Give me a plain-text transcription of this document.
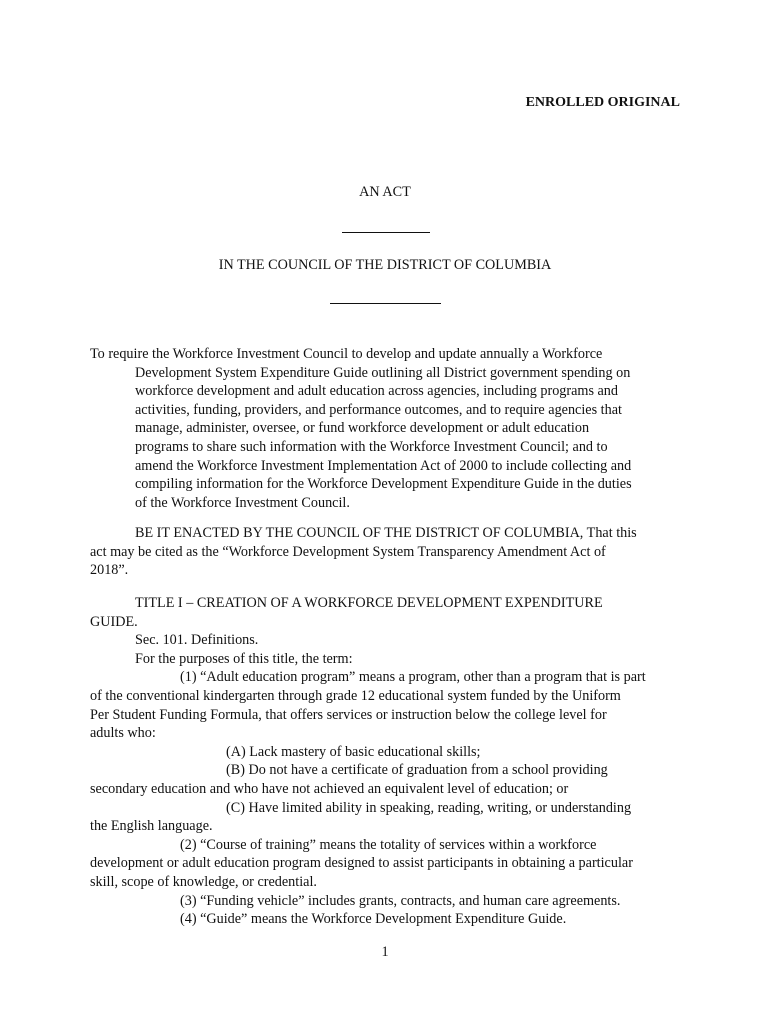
ENROLLED ORIGINAL
AN ACT
IN THE COUNCIL OF THE DISTRICT OF COLUMBIA
To require the Workforce Investment Council to develop and update annually a Workforce
Development System Expenditure Guide outlining all District government spending on
workforce development and adult education across agencies, including programs and
activities, funding, providers, and performance outcomes, and to require agencies that
manage, administer, oversee, or fund workforce development or adult education
programs to share such information with the Workforce Investment Council; and to
amend the Workforce Investment Implementation Act of 2000 to include collecting and
compiling information for the Workforce Development Expenditure Guide in the duties
of the Workforce Investment Council.
BE IT ENACTED BY THE COUNCIL OF THE DISTRICT OF COLUMBIA, That this
act may be cited as the “Workforce Development System Transparency Amendment Act of
2018”.
TITLE I – CREATION OF A WORKFORCE DEVELOPMENT EXPENDITURE
GUIDE.
Sec. 101. Definitions.
For the purposes of this title, the term:
(1) “Adult education program” means a program, other than a program that is part
of the conventional kindergarten through grade 12 educational system funded by the Uniform
Per Student Funding Formula, that offers services or instruction below the college level for
adults who:
(A) Lack mastery of basic educational skills;
(B) Do not have a certificate of graduation from a school providing
secondary education and who have not achieved an equivalent level of education; or
(C) Have limited ability in speaking, reading, writing, or understanding
the English language.
(2) “Course of training” means the totality of services within a workforce
development or adult education program designed to assist participants in obtaining a particular
skill, scope of knowledge, or credential.
(3) “Funding vehicle” includes grants, contracts, and human care agreements.
(4) “Guide” means the Workforce Development Expenditure Guide.
1
